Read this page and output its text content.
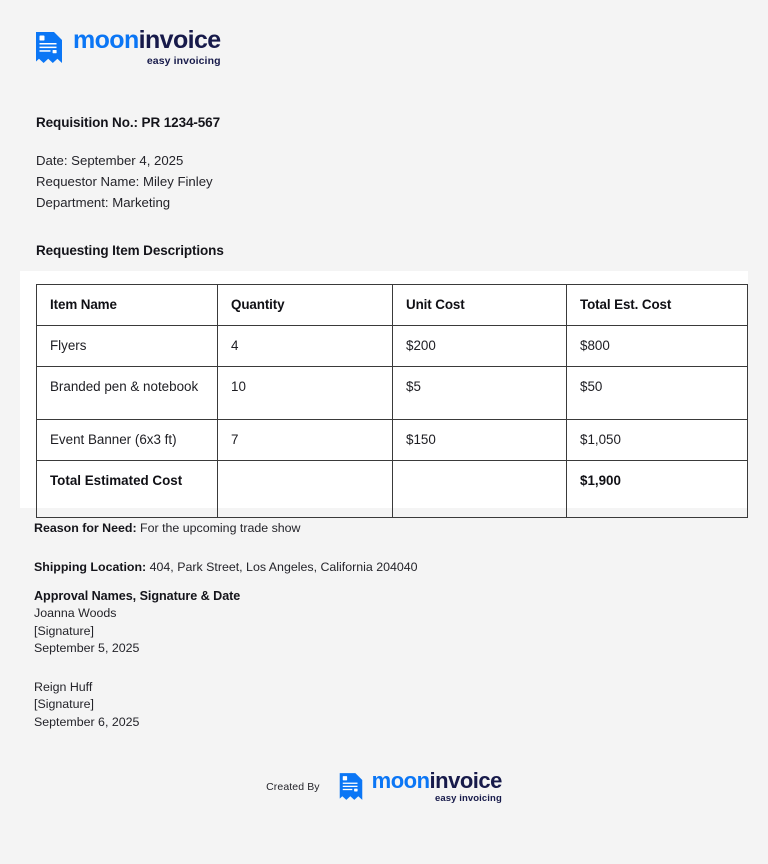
mooninvoice
easy invoicing
Requisition No.: PR 1234-567
Date: September 4, 2025
Requestor Name: Miley Finley
Department: Marketing
Requesting Item Descriptions
Item Name	Quantity	Unit Cost	Total Est. Cost
Flyers	4	$200	$800
Branded pen & notebook	10	$5	$50
Event Banner (6x3 ft)	7	$150	$1,050
Total Estimated Cost			$1,900
Reason for Need: For the upcoming trade show
Shipping Location: 404, Park Street, Los Angeles, California 204040
Approval Names, Signature & Date
Joanna Woods
[Signature]
September 5, 2025
Reign Huff
[Signature]
September 6, 2025
Created By mooninvoice
easy invoicing
